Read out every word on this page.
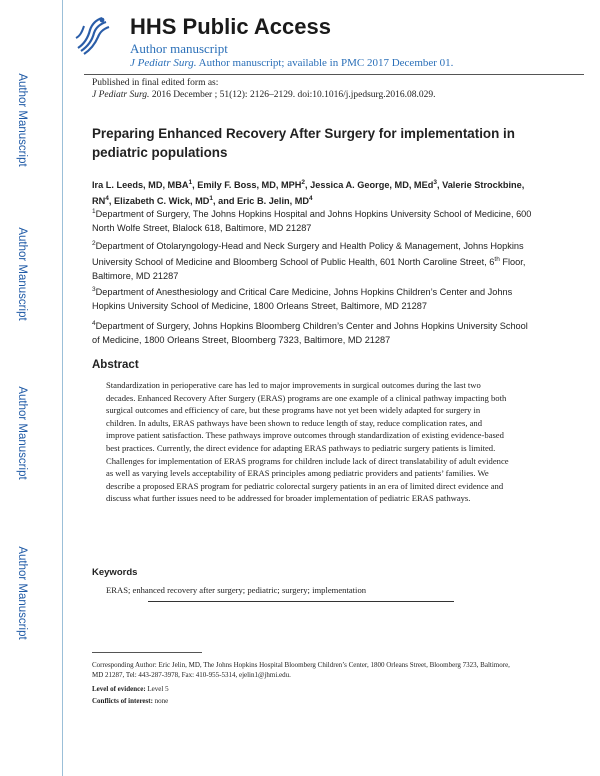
Author Manuscript
Author Manuscript
Author Manuscript
Author Manuscript
HHS Public Access
Author manuscript
J Pediatr Surg. Author manuscript; available in PMC 2017 December 01.
Published in final edited form as:
J Pediatr Surg. 2016 December ; 51(12): 2126–2129. doi:10.1016/j.jpedsurg.2016.08.029.
Preparing Enhanced Recovery After Surgery for implementation in pediatric populations
Ira L. Leeds, MD, MBA$^1$, Emily F. Boss, MD, MPH$^2$, Jessica A. George, MD, MEd$^3$, Valerie Strockbine, $RN^4$, Elizabeth C. Wick, $MD^1$, and Eric B. Jelin, $MD^4$
$^1$Department of Surgery, The Johns Hopkins Hospital and Johns Hopkins University School of Medicine, 600 North Wolfe Street, Blalock 618, Baltimore, MD 21287
$^2$Department of Otolaryngology-Head and Neck Surgery and Health Policy & Management, Johns Hopkins University School of Medicine and Bloomberg School of Public Health, 601 North Caroline Street, 6th Floor, Baltimore, MD 21287
$^3$Department of Anesthesiology and Critical Care Medicine, Johns Hopkins Children’s Center and Johns Hopkins University School of Medicine, 1800 Orleans Street, Baltimore, MD 21287
$^4$Department of Surgery, Johns Hopkins Bloomberg Children’s Center and Johns Hopkins University School of Medicine, 1800 Orleans Street, Bloomberg 7323, Baltimore, MD 21287
Abstract
Standardization in perioperative care has led to major improvements in surgical outcomes during the last two decades. Enhanced Recovery After Surgery (ERAS) programs are one example of a clinical pathway impacting both surgical outcomes and efficiency of care, but these programs have not yet been widely adapted for surgery in children. In adults, ERAS pathways have been shown to reduce length of stay, reduce complication rates, and improve patient satisfaction. These pathways improve outcomes through standardization of existing evidence-based best practices. Currently, the direct evidence for adapting ERAS pathways to pediatric surgery patients is limited. Challenges for implementation of ERAS programs for children include lack of direct translatability of adult evidence as well as varying levels acceptability of ERAS principles among pediatric providers and patients’ families. We describe a proposed ERAS program for pediatric colorectal surgery patients in an era of limited direct evidence and discuss what further issues need to be addressed for broader implementation of pediatric ERAS pathways.
Keywords
ERAS; enhanced recovery after surgery; pediatric; surgery; implementation
Corresponding Author: Eric Jelin, MD, The Johns Hopkins Hospital Bloomberg Children’s Center, 1800 Orleans Street, Bloomberg 7323, Baltimore, MD 21287, Tel: 443-287-3978, Fax: 410-955-5314, ejelin1@jhmi.edu.
Level of evidence: Level 5
Conflicts of interest: none
